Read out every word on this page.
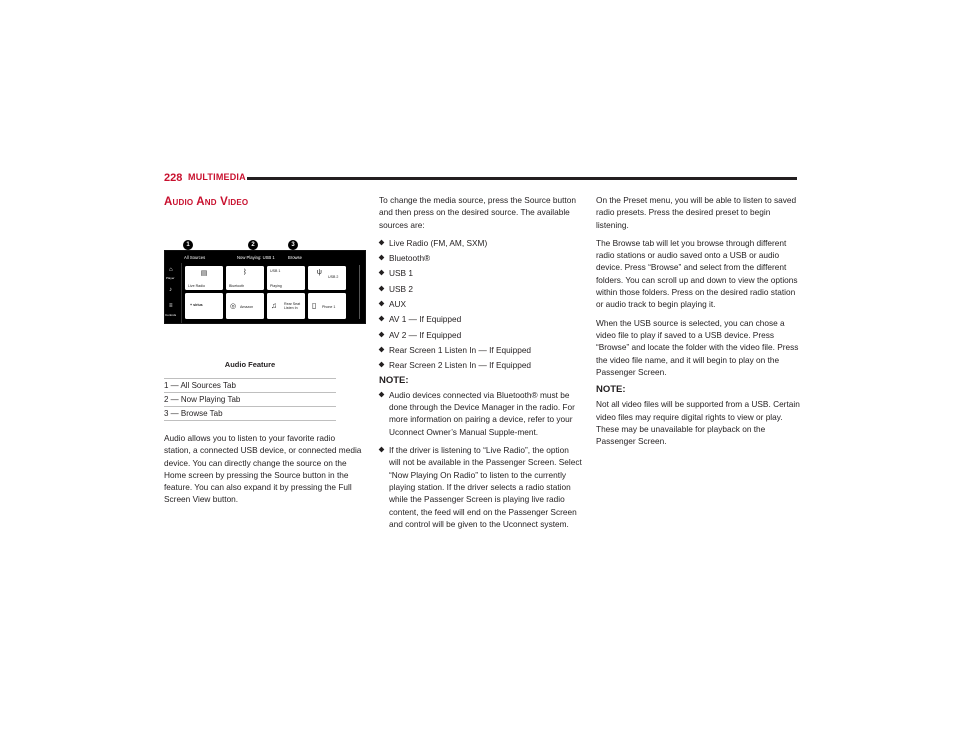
228 MULTIMEDIA
Audio And Video
1	2	3
All Sources	Now Playing: USB 1	Browse
⌂
Player
♪
≡
Controls
▤
Live Radio
ᛒ
Bluetooth
USB 1
Playing
ψ
USB 2
+ sirius	◎ Amazon ♫ Rear Seat Listen In	▯ Phone 1
Audio Feature
1 — All Sources Tab
2 — Now Playing Tab
3 — Browse Tab

Audio allows you to listen to your favorite radio station, a connected USB device, or connected media device. You can directly change the source on the Home screen by pressing the Source button in the feature. You can also expand it by pressing the Full Screen View button.

To change the media source, press the Source button and then press on the desired source. The available sources are:

Live Radio (FM, AM, SXM)
Bluetooth®
USB 1
USB 2
AUX
AV 1 — If Equipped
AV 2 — If Equipped
Rear Screen 1 Listen In — If Equipped
Rear Screen 2 Listen In — If Equipped
NOTE:
Audio devices connected via Bluetooth® must be done through the Device Manager in the radio. For more information on pairing a device, refer to your Uconnect Owner’s Manual Supple-ment.
If the driver is listening to “Live Radio”, the option will not be available in the Passenger Screen. Select “Now Playing On Radio” to listen to the currently playing station. If the driver selects a radio station while the Passenger Screen is playing live radio content, the feed will end on the Passenger Screen and control will be given to the Uconnect system.

On the Preset menu, you will be able to listen to saved radio presets. Press the desired preset to begin listening.

The Browse tab will let you browse through different radio stations or audio saved onto a USB or audio device. Press “Browse” and select from the different folders. You can scroll up and down to view the options within those folders. Press on the desired radio station or audio track to begin playing it.

When the USB source is selected, you can chose a video file to play if saved to a USB device. Press “Browse” and locate the folder with the video file. Press the video file name, and it will begin to play on the Passenger Screen.

NOTE:

Not all video files will be supported from a USB. Certain video files may require digital rights to view or play. These may be unavailable for playback on the Passenger Screen.
